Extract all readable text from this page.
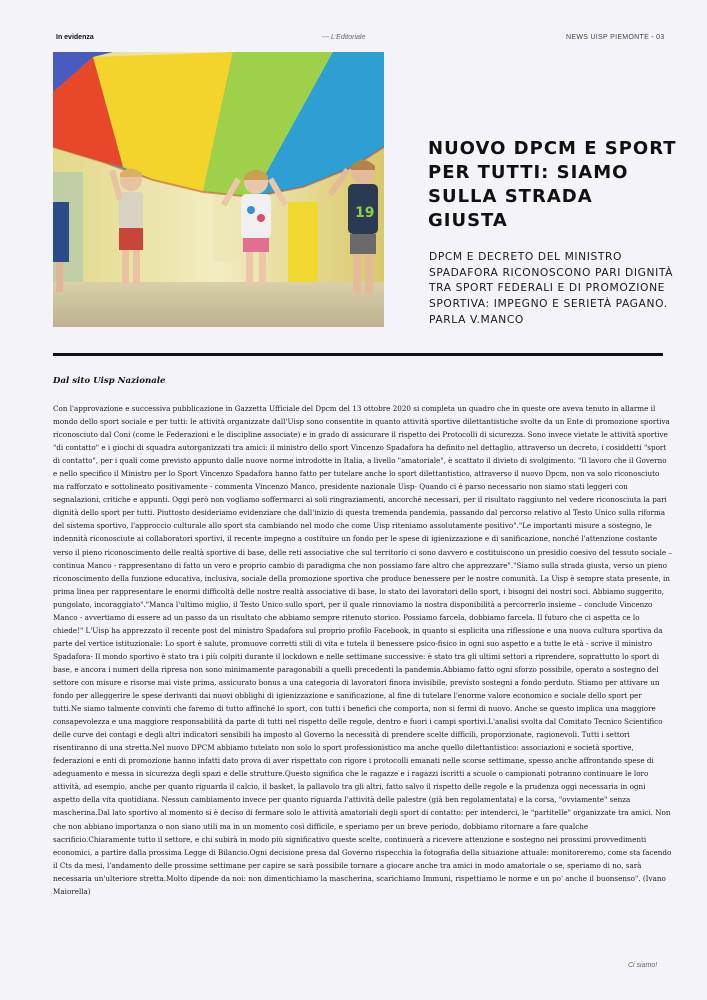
In evidenza	--- L'Editoriale	NEWS UISP PIEMONTE - 03
19
NUOVO DPCM E SPORT PER TUTTI: SIAMO SULLA STRADA GIUSTA

DPCM E DECRETO DEL MINISTRO SPADAFORA RICONOSCONO PARI DIGNITÀ TRA SPORT FEDERALI E DI PROMOZIONE SPORTIVA: IMPEGNO E SERIETÀ PAGANO. PARLA V.MANCO

Dal sito Uisp Nazionale

Con l'approvazione e successiva pubblicazione in Gazzetta Ufficiale del Dpcm del 13 ottobre 2020 si completa un quadro che in queste ore aveva tenuto in allarme il mondo dello sport sociale e per tutti: le attività organizzate dall'Uisp sono consentite in quanto attività sportive dilettantistiche svolte da un Ente di promozione sportiva riconosciuto dal Coni (come le Federazioni e le discipline associate) e in grado di assicurare il rispetto dei Protocolli di sicurezza. Sono invece vietate le attività sportive "di contatto" e i giochi di squadra autorganizzati tra amici: il ministro dello sport Vincenzo Spadafora ha definito nel dettaglio, attraverso un decreto, i cosiddetti "sport di contatto", per i quali come previsto appunto dalle nuove norme introdotte in Italia, a livello "amatoriale", è scattato il divieto di svolgimento. "Il lavoro che il Governo e nello specifico il Ministro per lo Sport Vincenzo Spadafora hanno fatto per tutelare anche lo sport dilettantistico, attraverso il nuovo Dpcm, non va solo riconosciuto ma rafforzato e sottolineato positivamente - commenta Vincenzo Manco, presidente nazionale Uisp- Quando ci è parso necessario non siamo stati leggeri con segnalazioni, critiche e appunti. Oggi però non vogliamo soffermarci ai soli ringraziamenti, ancorché necessari, per il risultato raggiunto nel vedere riconosciuta la pari dignità dello sport per tutti. Piuttosto desideriamo evidenziare che dall'inizio di questa tremenda pandemia, passando dal percorso relativo al Testo Unico sulla riforma del sistema sportivo, l'approccio culturale allo sport sta cambiando nel modo che come Uisp riteniamo assolutamente positivo"."Le importanti misure a sostegno, le indennità riconosciute ai collaboratori sportivi, il recente impegno a costituire un fondo per le spese di igienizzazione e di sanificazione, nonché l'attenzione costante verso il pieno riconoscimento delle realtà sportive di base, delle reti associative che sul territorio ci sono davvero e costituiscono un presidio coesivo del tessuto sociale – continua Manco - rappresentano di fatto un vero e proprio cambio di paradigma che non possiamo fare altro che apprezzare"."Siamo sulla strada giusta, verso un pieno riconoscimento della funzione educativa, inclusiva, sociale della promozione sportiva che produce benessere per le nostre comunità. La Uisp è sempre stata presente, in prima linea per rappresentare le enormi difficoltà delle nostre realtà associative di base, lo stato dei lavoratori dello sport, i bisogni dei nostri soci. Abbiamo suggerito, pungolato, incoraggiato"."Manca l'ultimo miglio, il Testo Unico sullo sport, per il quale rinnoviamo la nostra disponibilità a percorrerlo insieme – conclude Vincenzo Manco - avvertiamo di essere ad un passo da un risultato che abbiamo sempre ritenuto storico. Possiamo farcela, dobbiamo farcela. Il futuro che ci aspetta ce lo chiede!" L'Uisp ha apprezzato il recente post del ministro Spadafora sul proprio profilo Facebook, in quanto si esplicita una riflessione e una nuova cultura sportiva da parte del vertice istituzionale: Lo sport è salute, promuove corretti stili di vita e tutela il benessere psico-fisico in ogni suo aspetto e a tutte le età - scrive il ministro Spadafora- Il mondo sportivo è stato tra i più colpiti durante il lockdown e nelle settimane successive: è stato tra gli ultimi settori a riprendere, soprattutto lo sport di base, e ancora i numeri della ripresa non sono minimamente paragonabili a quelli precedenti la pandemia.Abbiamo fatto ogni sforzo possibile, operato a sostegno del settore con misure e risorse mai viste prima, assicurato bonus a una categoria di lavoratori finora invisibile, previsto sostegni a fondo perduto. Stiamo per attivare un fondo per alleggerire le spese derivanti dai nuovi obblighi di igienizzazione e sanificazione, al fine di tutelare l'enorme valore economico e sociale dello sport per tutti.Ne siamo talmente convinti che faremo di tutto affinché lo sport, con tutti i benefici che comporta, non si fermi di nuovo. Anche se questo implica una maggiore consapevolezza e una maggiore responsabilità da parte di tutti nel rispetto delle regole, dentro e fuori i campi sportivi.L'analisi svolta dal Comitato Tecnico Scientifico delle curve dei contagi e degli altri indicatori sensibili ha imposto al Governo la necessità di prendere scelte difficili, proporzionate, ragionevoli. Tutti i settori risentiranno di una stretta.Nel nuovo DPCM abbiamo tutelato non solo lo sport professionistico ma anche quello dilettantistico: associazioni e società sportive, federazioni e enti di promozione hanno infatti dato prova di aver rispettato con rigore i protocolli emanati nelle scorse settimane, spesso anche affrontando spese di adeguamento e messa in sicurezza degli spazi e delle strutture.Questo significa che le ragazze e i ragazzi iscritti a scuole o campionati potranno continuare le loro attività, ad esempio, anche per quanto riguarda il calcio, il basket, la pallavolo tra gli altri, fatto salvo il rispetto delle regole e la prudenza oggi necessaria in ogni aspetto della vita quotidiana. Nessun cambiamento invece per quanto riguarda l'attività delle palestre (già ben regolamentata) e la corsa, "ovviamente" senza mascherina.Dal lato sportivo al momento si è deciso di fermare solo le attività amatoriali degli sport di contatto: per intenderci, le "partitelle" organizzate tra amici. Non che non abbiano importanza o non siano utili ma in un momento così difficile, e speriamo per un breve periodo, dobbiamo ritornare a fare qualche sacrificio.Chiaramente tutto il settore, e chi subirà in modo più significativo queste scelte, continuerà a ricevere attenzione e sostegno nei prossimi provvedimenti economici, a partire dalla prossima Legge di Bilancio.Ogni decisione presa dal Governo rispecchia la fotografia della situazione attuale: monitoreremo, come sta facendo il Cts da mesi, l'andamento delle prossime settimane per capire se sarà possibile tornare a giocare anche tra amici in modo amatoriale o se, speriamo di no, sarà necessaria un'ulteriore stretta.Molto dipende da noi: non dimentichiamo la mascherina, scarichiamo Immuni, rispettiamo le norme e un po' anche il buonsenso". (Ivano Maiorella)

Ci siamo!
